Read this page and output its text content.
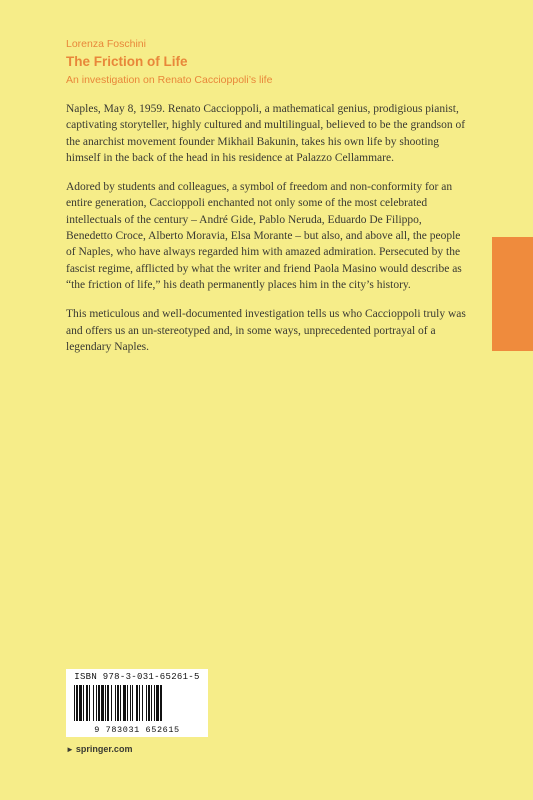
Lorenza Foschini
The Friction of Life
An investigation on Renato Caccioppoli’s life

Naples, May 8, 1959. Renato Caccioppoli, a mathematical genius, prodigious pianist, captivating storyteller, highly cultured and multilingual, believed to be the grandson of the anarchist movement founder Mikhail Bakunin, takes his own life by shooting himself in the back of the head in his residence at Palazzo Cellammare.

Adored by students and colleagues, a symbol of freedom and non-conformity for an entire generation, Caccioppoli enchanted not only some of the most celebrated intellectuals of the century – André Gide, Pablo Neruda, Eduardo De Filippo, Benedetto Croce, Alberto Moravia, Elsa Morante – but also, and above all, the people of Naples, who have always regarded him with amazed admiration. Persecuted by the fascist regime, afflicted by what the writer and friend Paola Masino would describe as “the friction of life,” his death permanently places him in the city’s history.

This meticulous and well-documented investigation tells us who Caccioppoli truly was and offers us an un-stereotyped and, in some ways, unprecedented portrayal of a legendary Naples.

ISBN 978-3-031-65261-5
9 783031 652615
► springer.com
